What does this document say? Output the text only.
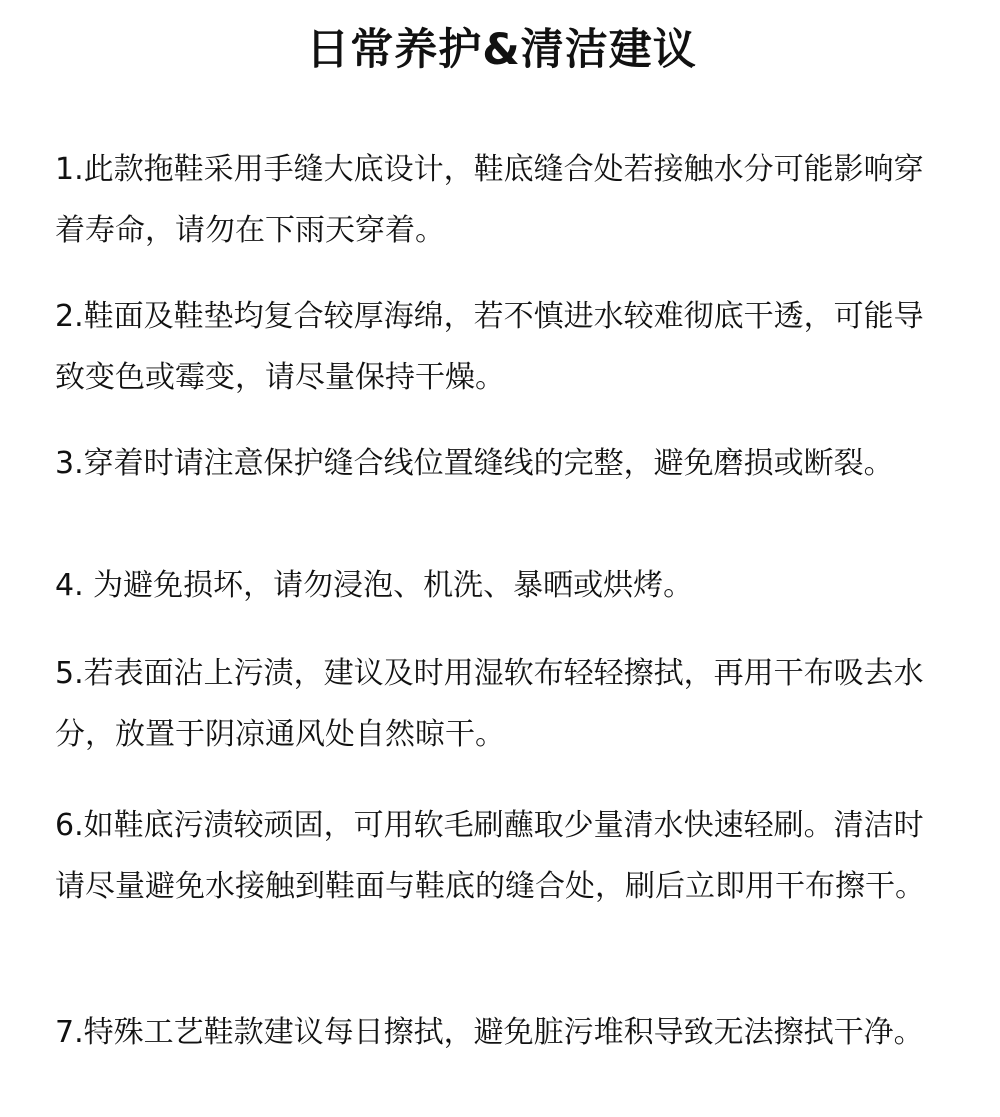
日常养护&清洁建议

1.此款拖鞋采用手缝大底设计，鞋底缝合处若接触水分可能影响穿着寿命，请勿在下雨天穿着。

2.鞋面及鞋垫均复合较厚海绵，若不慎进水较难彻底干透，可能导致变色或霉变，请尽量保持干燥。

3.穿着时请注意保护缝合线位置缝线的完整，避免磨损或断裂。

4. 为避免损坏，请勿浸泡、机洗、暴晒或烘烤。

5.若表面沾上污渍，建议及时用湿软布轻轻擦拭，再用干布吸去水分，放置于阴凉通风处自然晾干。

6.如鞋底污渍较顽固，可用软毛刷蘸取少量清水快速轻刷。清洁时请尽量避免水接触到鞋面与鞋底的缝合处，刷后立即用干布擦干。

7.特殊工艺鞋款建议每日擦拭，避免脏污堆积导致无法擦拭干净。
